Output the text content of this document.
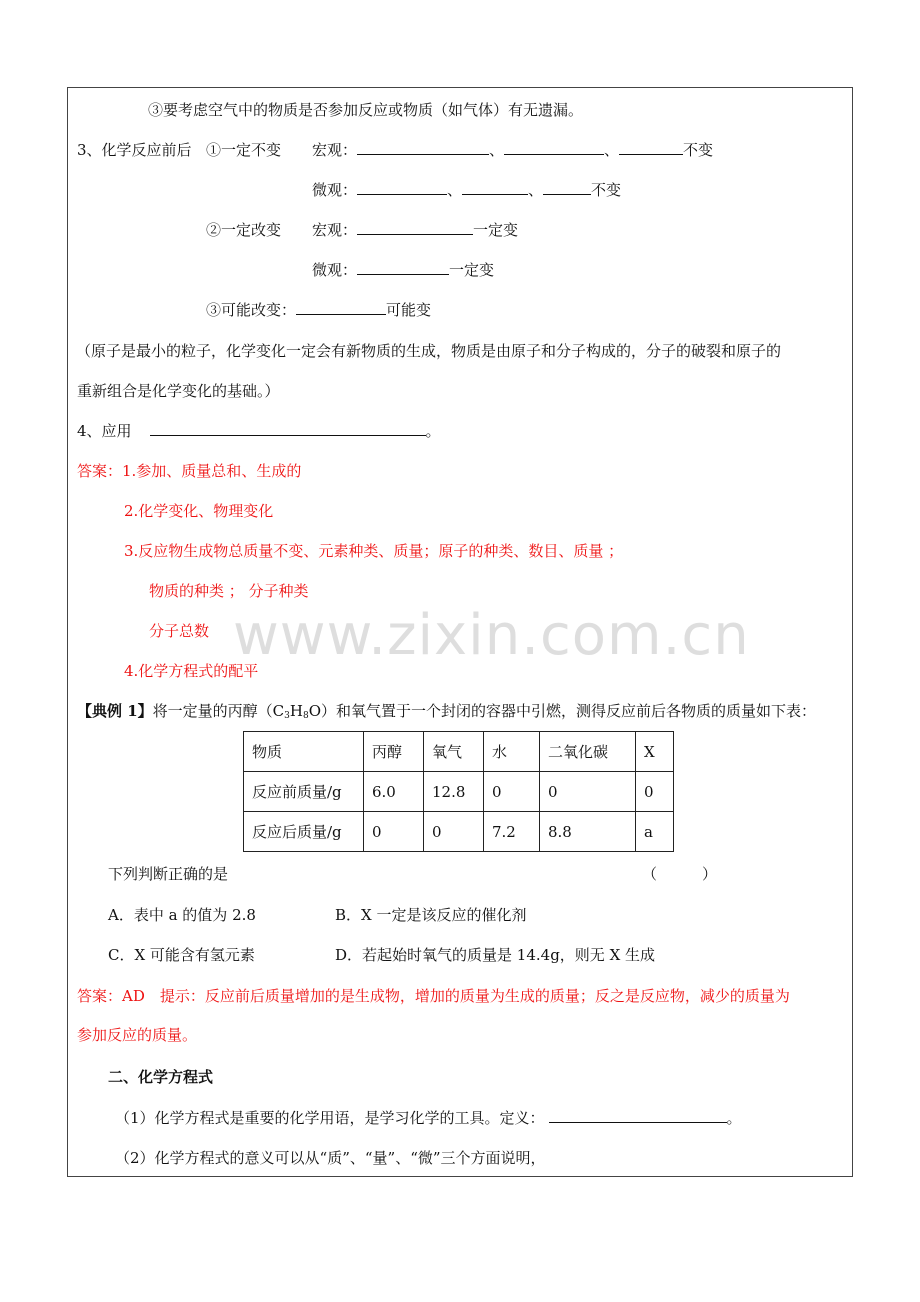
www.zixin.com.cn
③要考虑空气中的物质是否参加反应或物质（如气体）有无遗漏。
3、化学反应前后 ①一定不变 宏观：	、	、	不变
微观：	、	、	不变
②一定改变 宏观：	一定变
微观：	一定变
③可能改变：	可能变
（原子是最小的粒子，化学变化一定会有新物质的生成，物质是由原子和分子构成的，分子的破裂和原子的
重新组合是化学变化的基础。）
4、应用	。
答案：1.参加、质量总和、生成的
2.化学变化、物理变化
3.反应物生成物总质量不变、元素种类、质量；原子的种类、数目、质量 ；
物质的种类 ； 分子种类
分子总数
4.化学方程式的配平
【典例 1】将一定量的丙醇$(C_3H_8O)$和氧气置于一个封闭的容器中引燃，测得反应前后各物质的质量如下表：
物质	丙醇	氧气	水	二氧化碳	X
反应前质量/g	6.0	12.8	0	0	0
反应后质量/g	0	0	7.2	8.8	a
下列判断正确的是	（　　　）
A．表中 a 的值为 2.8	B．X 一定是该反应的催化剂
C．X 可能含有氢元素	D．若起始时氧气的质量是 14.4g，则无 X 生成
答案：AD　提示：反应前后质量增加的是生成物，增加的质量为生成的质量；反之是反应物，减少的质量为
参加反应的质量。
二、化学方程式
（1）化学方程式是重要的化学用语，是学习化学的工具。定义：	。
（2）化学方程式的意义可以从“质”、“量”、“微”三个方面说明，
